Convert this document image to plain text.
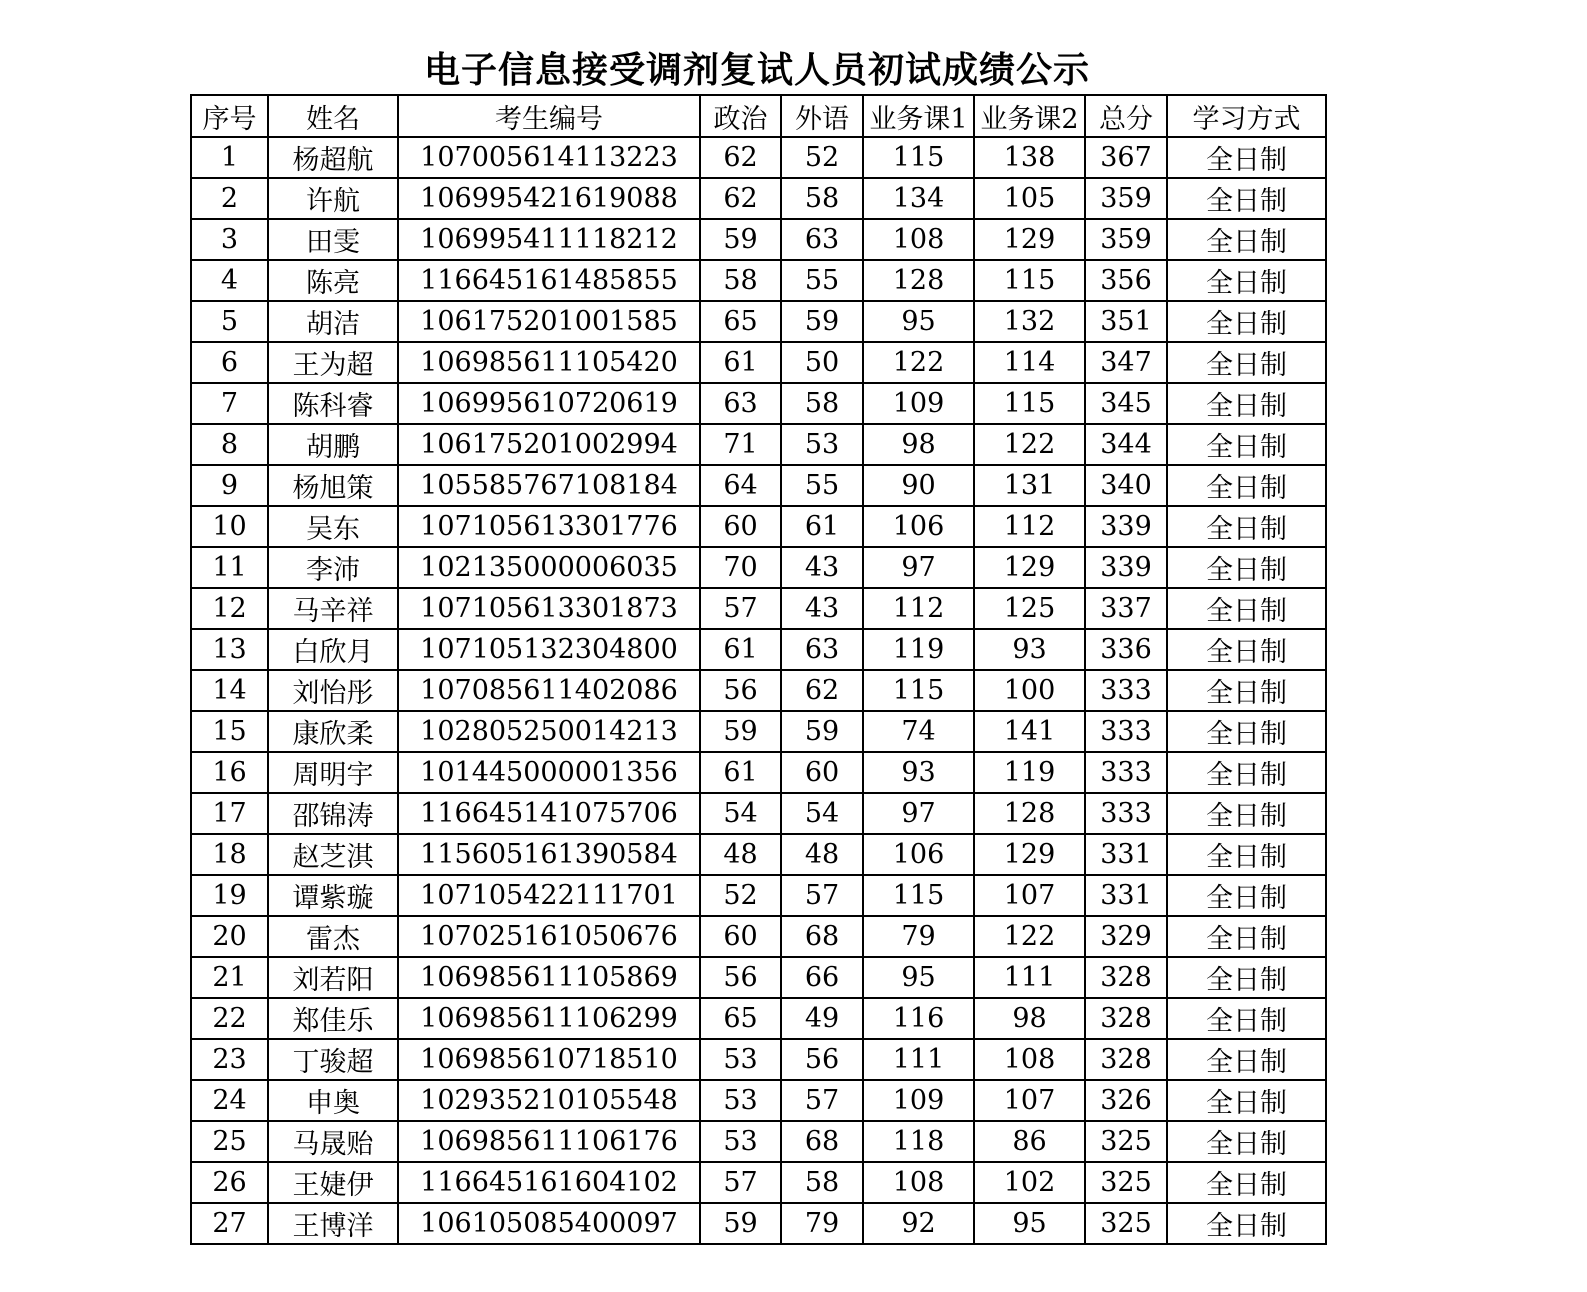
电子信息接受调剂复试人员初试成绩公示
序号	姓名	考生编号	政治	外语	业务课1	业务课2	总分	学习方式
1	杨超航	107005614113223	62	52	115	138	367	全日制
2	许航	106995421619088	62	58	134	105	359	全日制
3	田雯	106995411118212	59	63	108	129	359	全日制
4	陈亮	116645161485855	58	55	128	115	356	全日制
5	胡洁	106175201001585	65	59	95	132	351	全日制
6	王为超	106985611105420	61	50	122	114	347	全日制
7	陈科睿	106995610720619	63	58	109	115	345	全日制
8	胡鹏	106175201002994	71	53	98	122	344	全日制
9	杨旭策	105585767108184	64	55	90	131	340	全日制
10	吴东	107105613301776	60	61	106	112	339	全日制
11	李沛	102135000006035	70	43	97	129	339	全日制
12	马辛祥	107105613301873	57	43	112	125	337	全日制
13	白欣月	107105132304800	61	63	119	93	336	全日制
14	刘怡彤	107085611402086	56	62	115	100	333	全日制
15	康欣柔	102805250014213	59	59	74	141	333	全日制
16	周明宇	101445000001356	61	60	93	119	333	全日制
17	邵锦涛	116645141075706	54	54	97	128	333	全日制
18	赵芝淇	115605161390584	48	48	106	129	331	全日制
19	谭紫璇	107105422111701	52	57	115	107	331	全日制
20	雷杰	107025161050676	60	68	79	122	329	全日制
21	刘若阳	106985611105869	56	66	95	111	328	全日制
22	郑佳乐	106985611106299	65	49	116	98	328	全日制
23	丁骏超	106985610718510	53	56	111	108	328	全日制
24	申奥	102935210105548	53	57	109	107	326	全日制
25	马晟贻	106985611106176	53	68	118	86	325	全日制
26	王婕伊	116645161604102	57	58	108	102	325	全日制
27	王博洋	106105085400097	59	79	92	95	325	全日制
